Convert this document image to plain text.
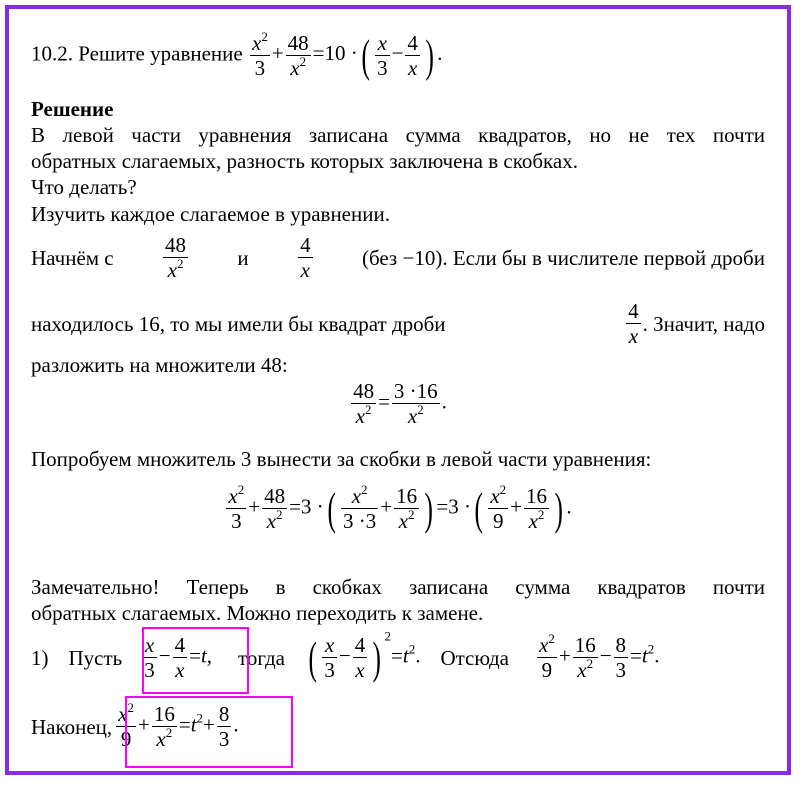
10.2. Решите уравнение $\frac{x^2}{3} + \frac{48}{x^2} =10$ ·( $\frac{x}{3} - \frac{4}{x}$ ) .
Решение
В левой части уравнения записана сумма квадратов, но не тех почти
обратных слагаемых, разность которых заключена в скобках.
Что делать?
Изучить каждое слагаемое в уравнении.
Начнём с $\frac{48}{x^2}$ и $\frac{4}{x} (без -10)$. Если бы в числителе первой дроби
находилось 16, то мы имели бы квадрат дроби	$\frac{4}{x}$ . Значит, надо
разложить на множители 48:
$\frac{48}{x^2} = \frac{3 \cdot 16}{x^2}$ .
Попробуем множитель 3 вынести за скобки в левой части уравнения:
$\frac{x^2}{3} + \frac{48}{x^2} =3$ ·( $\frac{x^2}{3 \cdot 3} + \frac{16}{x^2}$ ) =3 ·( $\frac{x^2}{9} + \frac{16}{x^2}$ ) .
Замечательно! Теперь в скобках записана сумма квадратов почти
обратных слагаемых. Можно переходить к замене.
1) Пусть $\frac{x}{3} - \frac{4}{x} =t$, тогда ( $\frac{x}{3} - \frac{4}{x}$ ) $^2=t^2$. Отсюда $\frac{x^2}{9} + \frac{16}{x^2} - \frac{8}{3} =t^2$.
Наконец, $\frac{x^2}{9} + \frac{16}{x^2} =t^2+ \frac{8}{3}$ .
